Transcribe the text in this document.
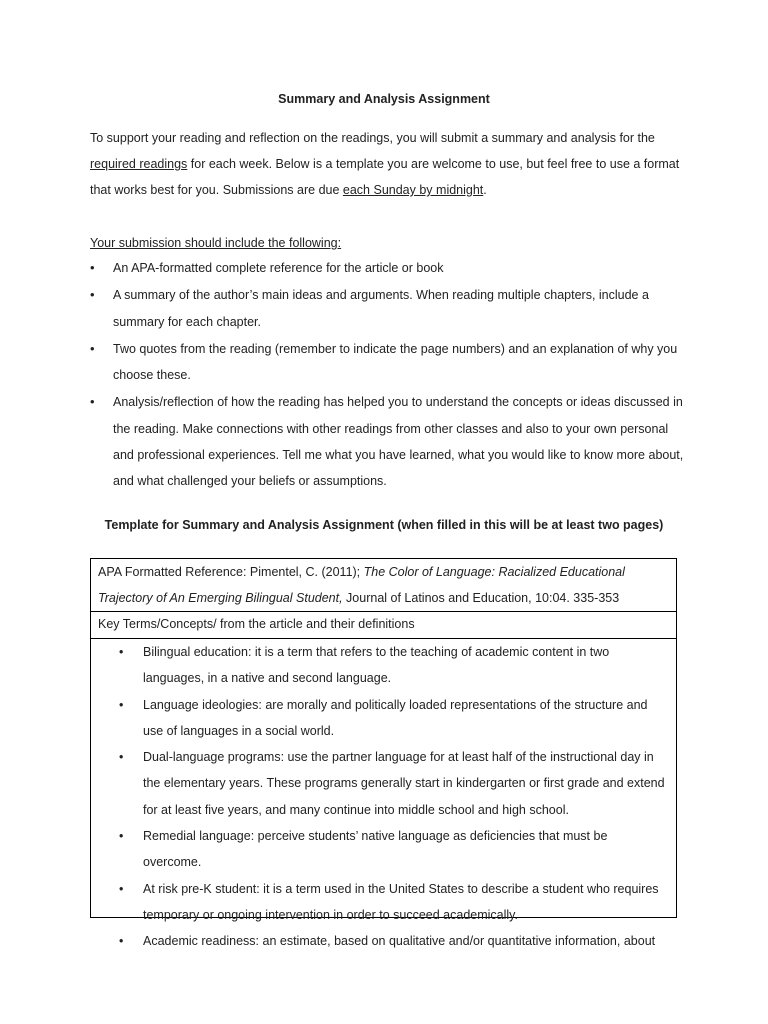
Summary and Analysis Assignment
To support your reading and reflection on the readings, you will submit a summary and analysis for the required readings for each week. Below is a template you are welcome to use, but feel free to use a format that works best for you. Submissions are due each Sunday by midnight.
Your submission should include the following:
• An APA-formatted complete reference for the article or book
• A summary of the author’s main ideas and arguments. When reading multiple chapters, include a summary for each chapter.
• Two quotes from the reading (remember to indicate the page numbers) and an explanation of why you choose these.
• Analysis/reflection of how the reading has helped you to understand the concepts or ideas discussed in the reading. Make connections with other readings from other classes and also to your own personal and professional experiences. Tell me what you have learned, what you would like to know more about, and what challenged your beliefs or assumptions.
Template for Summary and Analysis Assignment (when filled in this will be at least two pages)
APA Formatted Reference: Pimentel, C. (2011); The Color of Language: Racialized Educational Trajectory of An Emerging Bilingual Student, Journal of Latinos and Education, 10:04. 335-353
Key Terms/Concepts/ from the article and their definitions
• Bilingual education: it is a term that refers to the teaching of academic content in two languages, in a native and second language.
• Language ideologies: are morally and politically loaded representations of the structure and use of languages in a social world.
• Dual-language programs: use the partner language for at least half of the instructional day in the elementary years. These programs generally start in kindergarten or first grade and extend for at least five years, and many continue into middle school and high school.
• Remedial language: perceive students’ native language as deficiencies that must be overcome.
• At risk pre-K student: it is a term used in the United States to describe a student who requires temporary or ongoing intervention in order to succeed academically.
• Academic readiness: an estimate, based on qualitative and/or quantitative information, about
